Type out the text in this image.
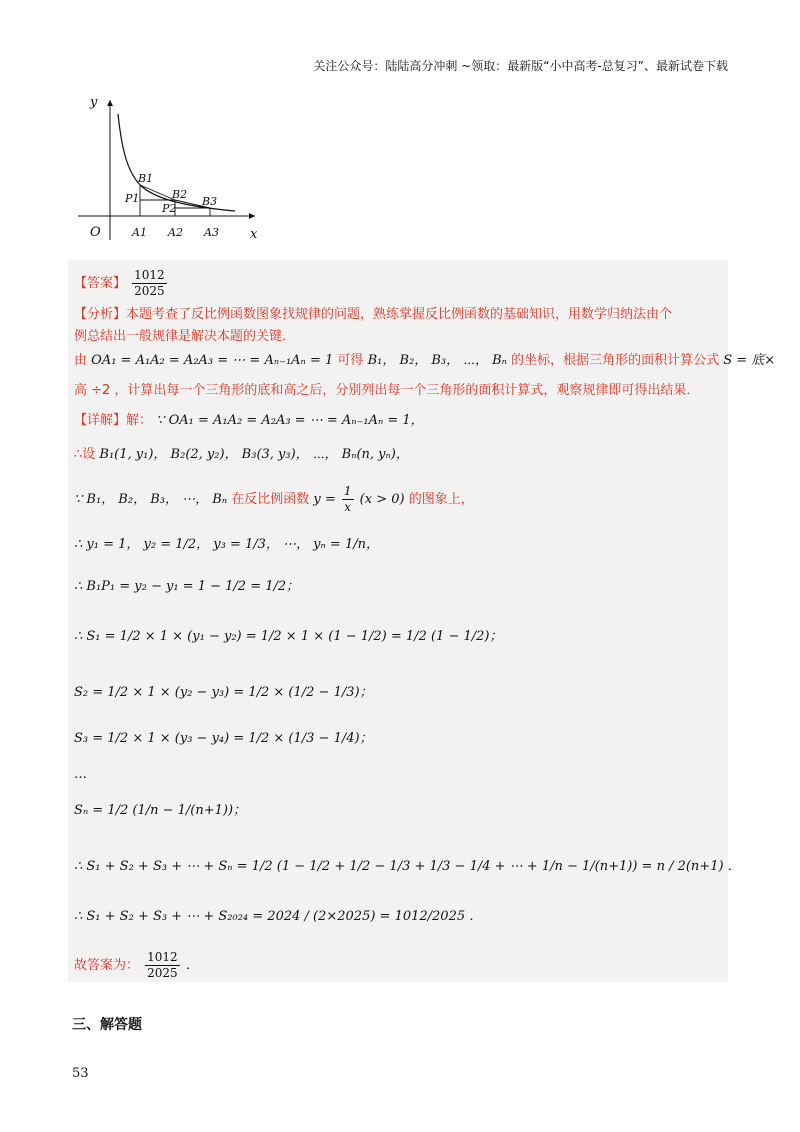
关注公众号：陆陆高分冲刺 ~领取：最新版“小中高考-总复习”、最新试卷下载
y
x
O
B1
B2
B3
P1
P2
A1 A2 A3
【答案】 $\frac{1012}{2025}$
【分析】本题考查了反比例函数图象找规律的问题，熟练掌握反比例函数的基础知识，用数学归纳法由个
例总结出一般规律是解决本题的关键．
由 OA₁ = A₁A₂ = A₂A₃ = ⋯ = Aₙ₋₁Aₙ = 1 可得 B₁， B₂， B₃， ⋯， Bₙ 的坐标，根据三角形的面积计算公式 S = 底×
高 ÷2 ，计算出每一个三角形的底和高之后，分别列出每一个三角形的面积计算式，观察规律即可得出结果．
【详解】解： ∵ OA₁ = A₁A₂ = A₂A₃ = ⋯ = Aₙ₋₁Aₙ = 1，
∴设 B₁(1, y₁)， B₂(2, y₂)， B₃(3, y₃)， ⋯， Bₙ(n, yₙ)，
∵ B₁， B₂， B₃， ⋯， Bₙ 在反比例函数 $y = \frac{1}{x} (x > 0)$ 的图象上，
∴ y₁ = 1， y₂ = 1/2， y₃ = 1/3， ⋯， yₙ = 1/n，
∴ B₁P₁ = y₂ − y₁ = 1 − 1/2 = 1/2；
∴ S₁ = 1/2 × 1 × (y₁ − y₂) = 1/2 × 1 × (1 − 1/2) = 1/2 (1 − 1/2)；
S₂ = 1/2 × 1 × (y₂ − y₃) = 1/2 × (1/2 − 1/3)；
S₃ = 1/2 × 1 × (y₃ − y₄) = 1/2 × (1/3 − 1/4)；
…
Sₙ = 1/2 (1/n − 1/(n+1))；
∴ S₁ + S₂ + S₃ + ⋯ + Sₙ = 1/2 (1 − 1/2 + 1/2 − 1/3 + 1/3 − 1/4 + ⋯ + 1/n − 1/(n+1)) = n / 2(n+1) ．
∴ S₁ + S₂ + S₃ + ⋯ + S₂₀₂₄ = 2024 / (2×2025) = 1012/2025 ．
故答案为： $\frac{1012}{2025}$ ．
三、解答题
53
